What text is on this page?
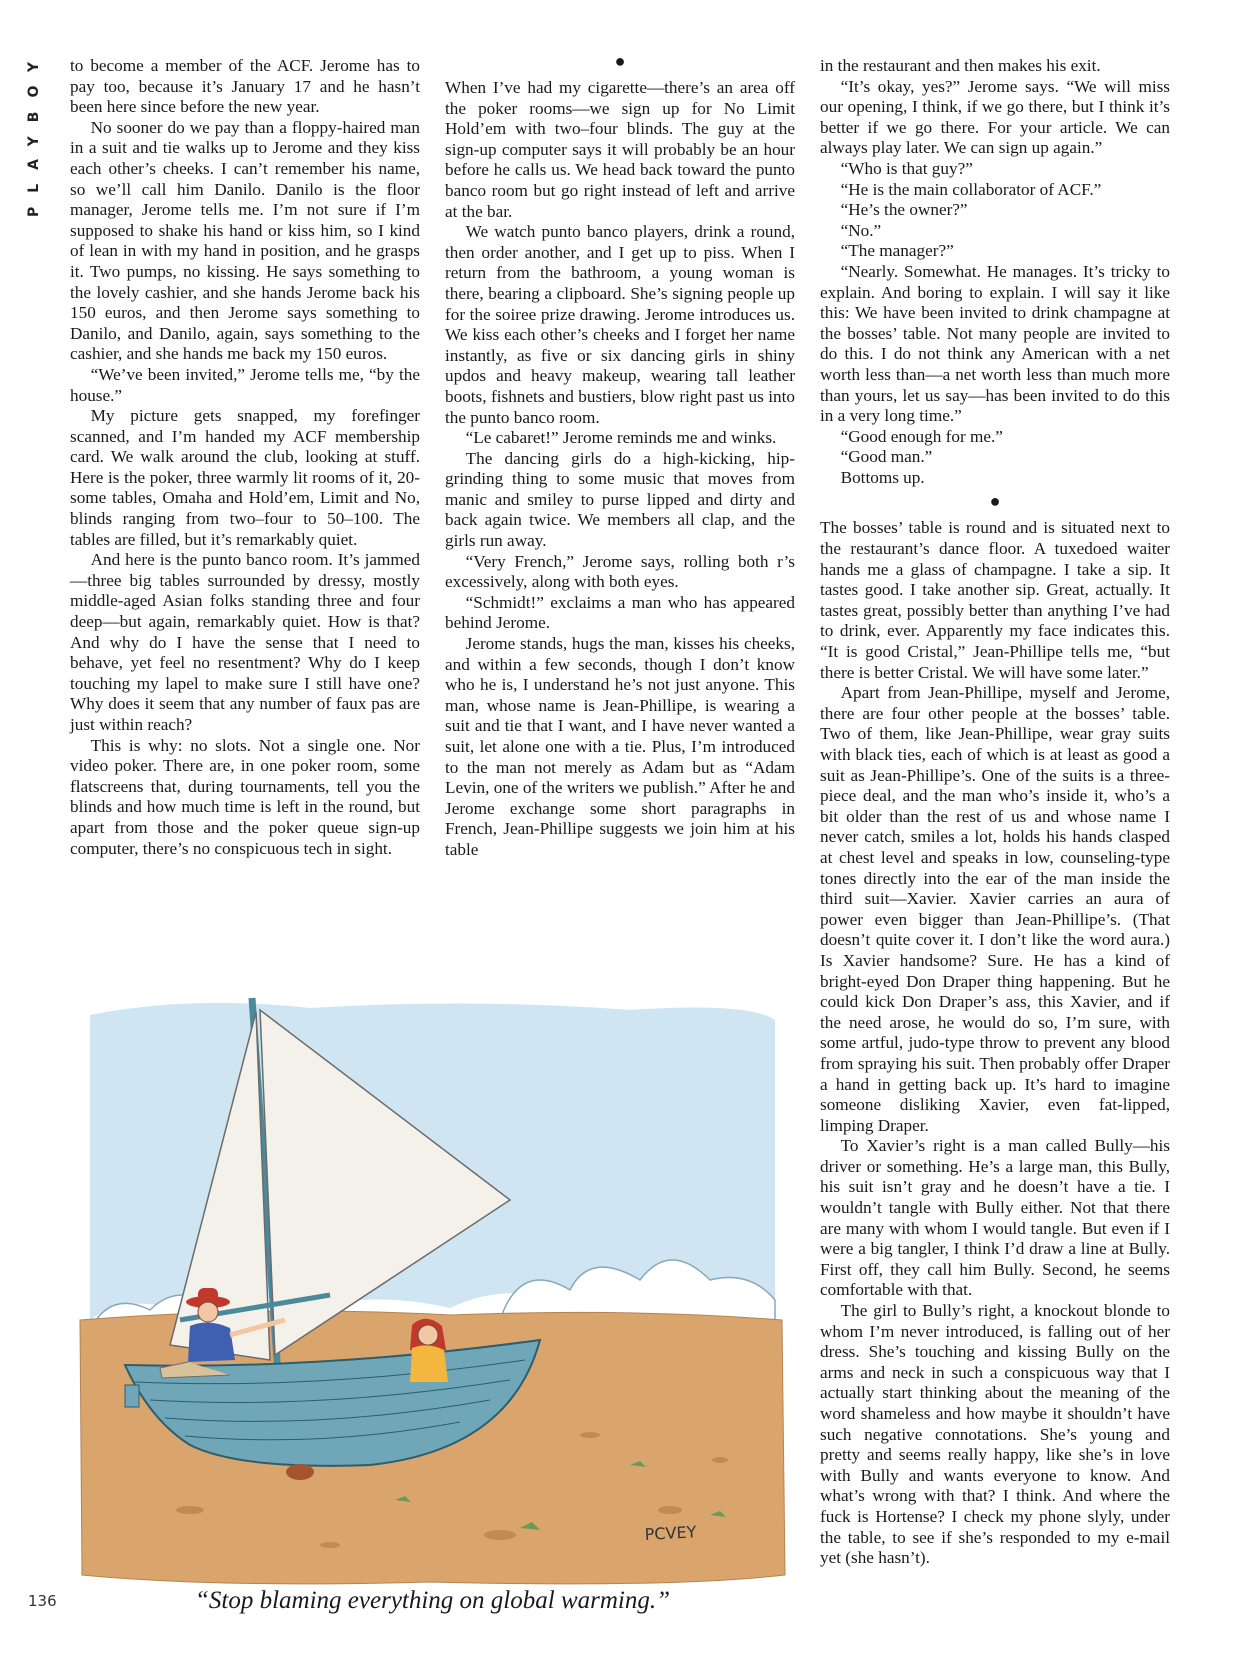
PLAYBOY to become a member of the ACF. Jerome has to pay too, because it’s January 17 and he hasn’t been here since before the new year.

No sooner do we pay than a floppy-haired man in a suit and tie walks up to Jerome and they kiss each other’s cheeks. I can’t remember his name, so we’ll call him Danilo. Danilo is the floor manager, Jerome tells me. I’m not sure if I’m supposed to shake his hand or kiss him, so I kind of lean in with my hand in position, and he grasps it. Two pumps, no kissing. He says something to the lovely cashier, and she hands Jerome back his 150 euros, and then Jerome says something to Danilo, and Danilo, again, says something to the cashier, and she hands me back my 150 euros.

“We’ve been invited,” Jerome tells me, “by the house.”

My picture gets snapped, my forefinger scanned, and I’m handed my ACF membership card. We walk around the club, looking at stuff. Here is the poker, three warmly lit rooms of it, 20-some tables, Omaha and Hold’em, Limit and No, blinds ranging from two–four to 50–100. The tables are filled, but it’s remarkably quiet.

And here is the punto banco room. It’s jammed—three big tables surrounded by dressy, mostly middle-aged Asian folks standing three and four deep—but again, remarkably quiet. How is that? And why do I have the sense that I need to behave, yet feel no resentment? Why do I keep touching my lapel to make sure I still have one? Why does it seem that any number of faux pas are just within reach?

This is why: no slots. Not a single one. Nor video poker. There are, in one poker room, some flatscreens that, during tournaments, tell you the blinds and how much time is left in the round, but apart from those and the poker queue sign-up computer, there’s no conspicuous tech in sight.

●

When I’ve had my cigarette—there’s an area off the poker rooms—we sign up for No Limit Hold’em with two–four blinds. The guy at the sign-up computer says it will probably be an hour before he calls us. We head back toward the punto banco room but go right instead of left and arrive at the bar.

We watch punto banco players, drink a round, then order another, and I get up to piss. When I return from the bathroom, a young woman is there, bearing a clipboard. She’s signing people up for the soiree prize drawing. Jerome introduces us. We kiss each other’s cheeks and I forget her name instantly, as five or six dancing girls in shiny updos and heavy makeup, wearing tall leather boots, fishnets and bustiers, blow right past us into the punto banco room.

“Le cabaret!” Jerome reminds me and winks.

The dancing girls do a high-kicking, hip-grinding thing to some music that moves from manic and smiley to purse lipped and dirty and back again twice. We members all clap, and the girls run away.

“Very French,” Jerome says, rolling both r’s excessively, along with both eyes.

“Schmidt!” exclaims a man who has appeared behind Jerome.

Jerome stands, hugs the man, kisses his cheeks, and within a few seconds, though I don’t know who he is, I understand he’s not just anyone. This man, whose name is Jean-Phillipe, is wearing a suit and tie that I want, and I have never wanted a suit, let alone one with a tie. Plus, I’m introduced to the man not merely as Adam but as “Adam Levin, one of the writers we publish.” After he and Jerome exchange some short paragraphs in French, Jean-Phillipe suggests we join him at his table

in the restaurant and then makes his exit.

“It’s okay, yes?” Jerome says. “We will miss our opening, I think, if we go there, but I think it’s better if we go there. For your article. We can always play later. We can sign up again.”

“Who is that guy?”

“He is the main collaborator of ACF.”

“He’s the owner?”

“No.”

“The manager?”

“Nearly. Somewhat. He manages. It’s tricky to explain. And boring to explain. I will say it like this: We have been invited to drink champagne at the bosses’ table. Not many people are invited to do this. I do not think any American with a net worth less than—a net worth less than much more than yours, let us say—has been invited to do this in a very long time.”

“Good enough for me.”

“Good man.”

Bottoms up.

●

The bosses’ table is round and is situated next to the restaurant’s dance floor. A tuxedoed waiter hands me a glass of champagne. I take a sip. It tastes good. I take another sip. Great, actually. It tastes great, possibly better than anything I’ve had to drink, ever. Apparently my face indicates this. “It is good Cristal,” Jean-Phillipe tells me, “but there is better Cristal. We will have some later.”

Apart from Jean-Phillipe, myself and Jerome, there are four other people at the bosses’ table. Two of them, like Jean-Phillipe, wear gray suits with black ties, each of which is at least as good a suit as Jean-Phillipe’s. One of the suits is a three-piece deal, and the man who’s inside it, who’s a bit older than the rest of us and whose name I never catch, smiles a lot, holds his hands clasped at chest level and speaks in low, counseling-type tones directly into the ear of the man inside the third suit—Xavier. Xavier carries an aura of power even bigger than Jean-Phillipe’s. (That doesn’t quite cover it. I don’t like the word aura.) Is Xavier handsome? Sure. He has a kind of bright-eyed Don Draper thing happening. But he could kick Don Draper’s ass, this Xavier, and if the need arose, he would do so, I’m sure, with some artful, judo-type throw to prevent any blood from spraying his suit. Then probably offer Draper a hand in getting back up. It’s hard to imagine someone disliking Xavier, even fat-lipped, limping Draper.

To Xavier’s right is a man called Bully—his driver or something. He’s a large man, this Bully, his suit isn’t gray and he doesn’t have a tie. I wouldn’t tangle with Bully either. Not that there are many with whom I would tangle. But even if I were a big tangler, I think I’d draw a line at Bully. First off, they call him Bully. Second, he seems comfortable with that.

The girl to Bully’s right, a knockout blonde to whom I’m never introduced, is falling out of her dress. She’s touching and kissing Bully on the arms and neck in such a conspicuous way that I actually start thinking about the meaning of the word shameless and how maybe it shouldn’t have such negative connotations. She’s young and pretty and seems really happy, like she’s in love with Bully and wants everyone to know. And what’s wrong with that? I think. And where the fuck is Hortense? I check my phone slyly, under the table, to see if she’s responded to my e-mail yet (she hasn’t).

PCVEY
“Stop blaming everything on global warming.”
136
